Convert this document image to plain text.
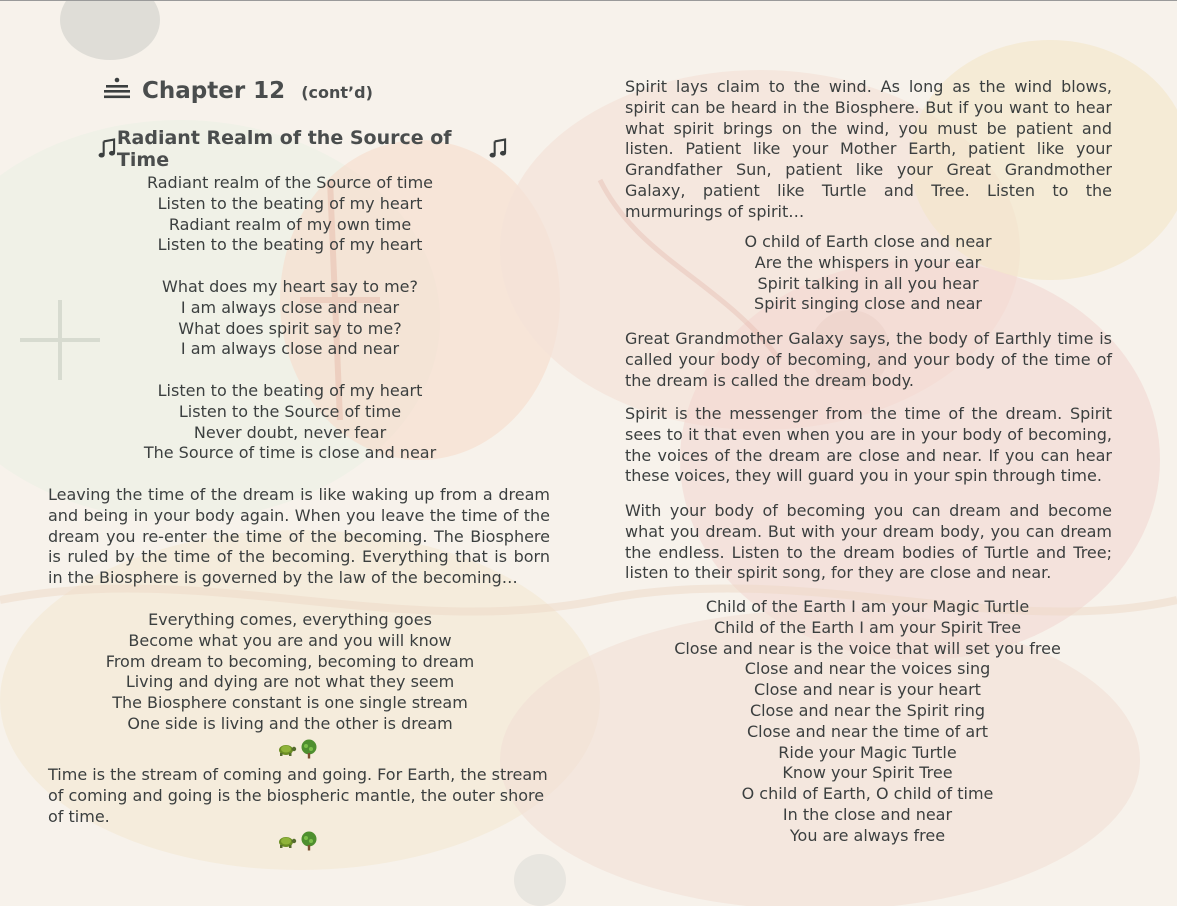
Chapter 12 (cont’d)
Radiant Realm of the Source of Time
Radiant realm of the Source of time
Listen to the beating of my heart
Radiant realm of my own time
Listen to the beating of my heart
What does my heart say to me?
I am always close and near
What does spirit say to me?
I am always close and near
Listen to the beating of my heart
Listen to the Source of time
Never doubt, never fear
The Source of time is close and near

Leaving the time of the dream is like waking up from a dream and being in your body again. When you leave the time of the dream you re-enter the time of the becoming. The Biosphere is ruled by the time of the becoming. Everything that is born in the Biosphere is governed by the law of the becoming…

Everything comes, everything goes
Become what you are and you will know
From dream to becoming, becoming to dream
Living and dying are not what they seem
The Biosphere constant is one single stream
One side is living and the other is dream

Time is the stream of coming and going. For Earth, the stream of coming and going is the biospheric mantle, the outer shore of time.

Spirit lays claim to the wind. As long as the wind blows, spirit can be heard in the Biosphere. But if you want to hear what spirit brings on the wind, you must be patient and listen. Patient like your Mother Earth, patient like your Grandfather Sun, patient like your Great Grandmother Galaxy, patient like Turtle and Tree. Listen to the murmurings of spirit…

O child of Earth close and near
Are the whispers in your ear
Spirit talking in all you hear
Spirit singing close and near

Great Grandmother Galaxy says, the body of Earthly time is called your body of becoming, and your body of the time of the dream is called the dream body.

Spirit is the messenger from the time of the dream. Spirit sees to it that even when you are in your body of becoming, the voices of the dream are close and near. If you can hear these voices, they will guard you in your spin through time.

With your body of becoming you can dream and become what you dream. But with your dream body, you can dream the endless. Listen to the dream bodies of Turtle and Tree; listen to their spirit song, for they are close and near.

Child of the Earth I am your Magic Turtle
Child of the Earth I am your Spirit Tree
Close and near is the voice that will set you free
Close and near the voices sing
Close and near is your heart
Close and near the Spirit ring
Close and near the time of art
Ride your Magic Turtle
Know your Spirit Tree
O child of Earth, O child of time
In the close and near
You are always free
